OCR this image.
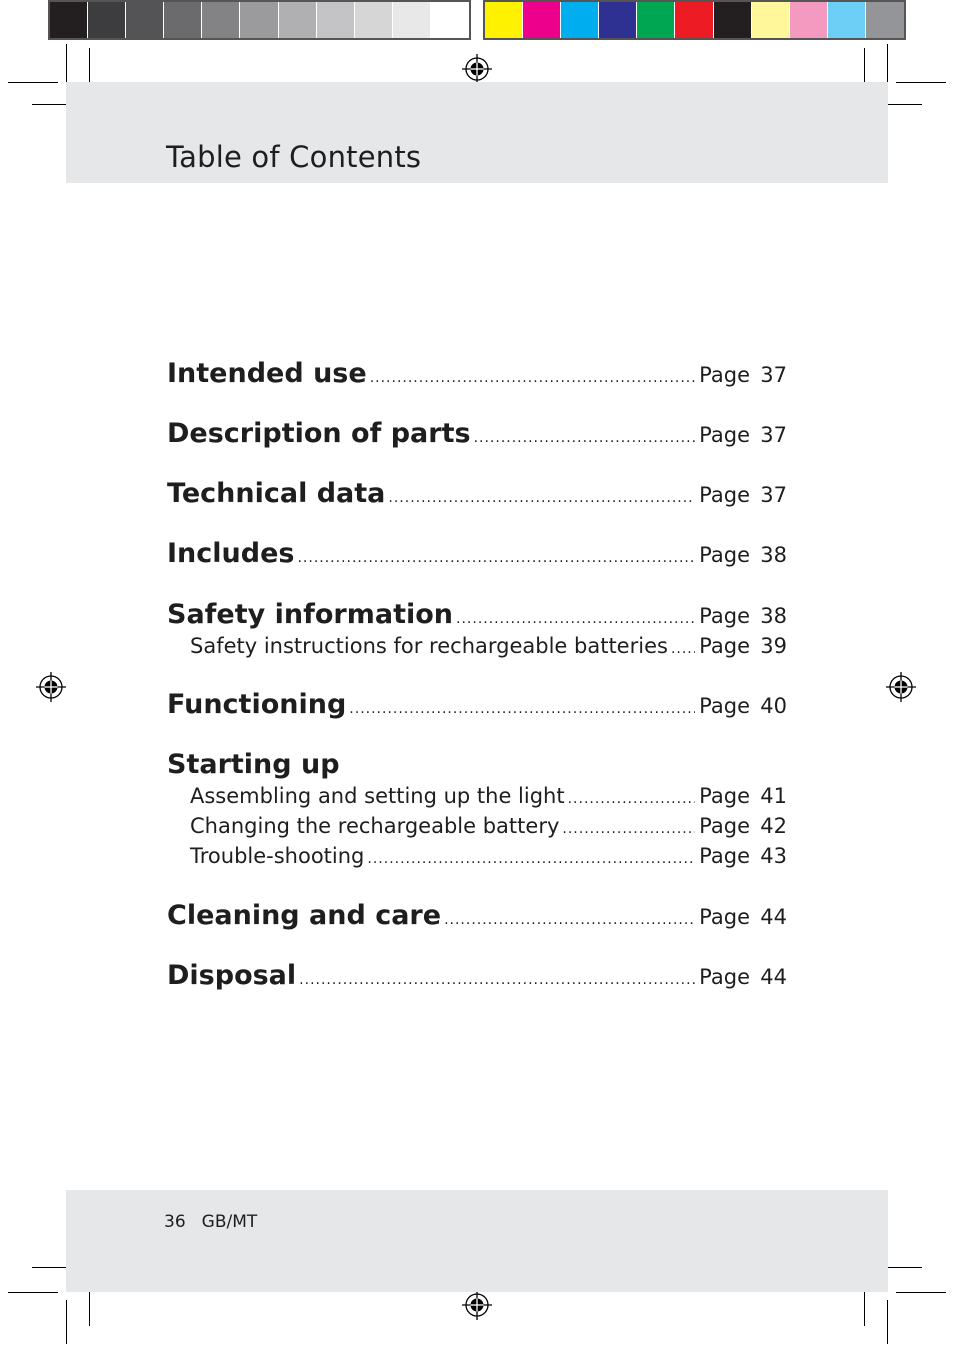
Table of Contents
Intended use .....	Page 37
Description of parts .....	Page 37
Technical data .....	Page 37
Includes .....	Page 38
Safety information .....	Page 38
Safety instructions for rechargeable batteries ..... Page 39
Functioning .....	Page 40
Starting up
Assembling and setting up the light .....	Page 41
Changing the rechargeable battery .....	Page 42
Trouble-shooting .....	Page 43
Cleaning and care .....	Page 44
Disposal .....	Page 44
36 GB/MT
